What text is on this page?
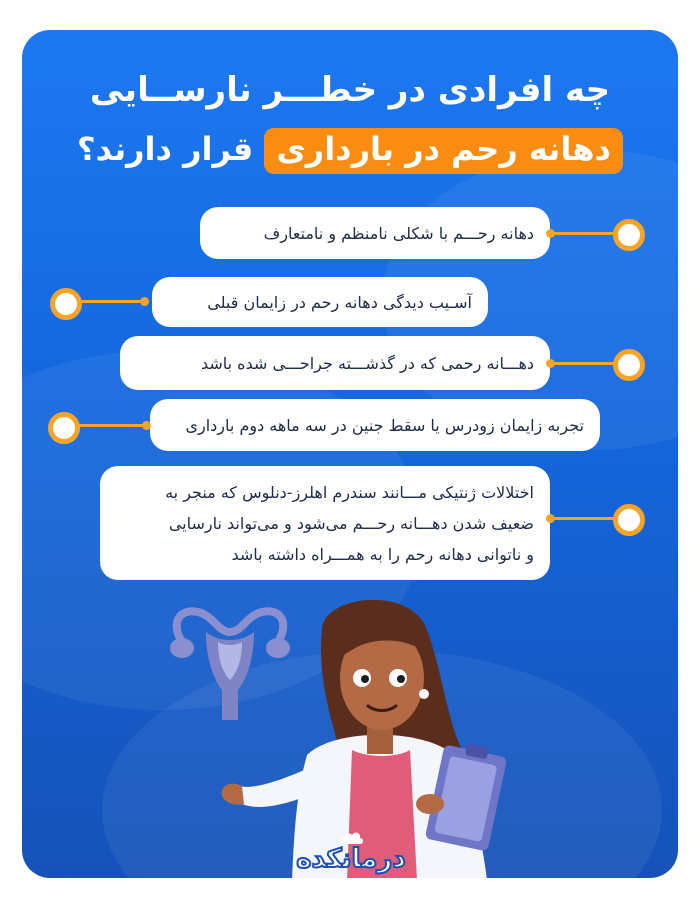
چه افرادی در خطـــر نارســایی
دهانه رحم در بارداری قرار دارند؟
دهانه رحـــم با شکلی نامنظم و نامتعارف
آسـیب دیدگی دهانه رحم در زایمان قبلی
دهـــانه رحمی که در گذشـــته جراحـــی شده باشد
تجربه زایمان زودرس یا سقط جنین در سه ماهه دوم بارداری
اختلالات ژنتیکی مـــانند سندرم اهلرز-دنلوس که منجر به
ضعیف شدن دهـــانه رحـــم می‌شود و می‌تواند نارسایی
و ناتوانی دهانه رحم را به همـــراه داشته باشد
درمانکده
